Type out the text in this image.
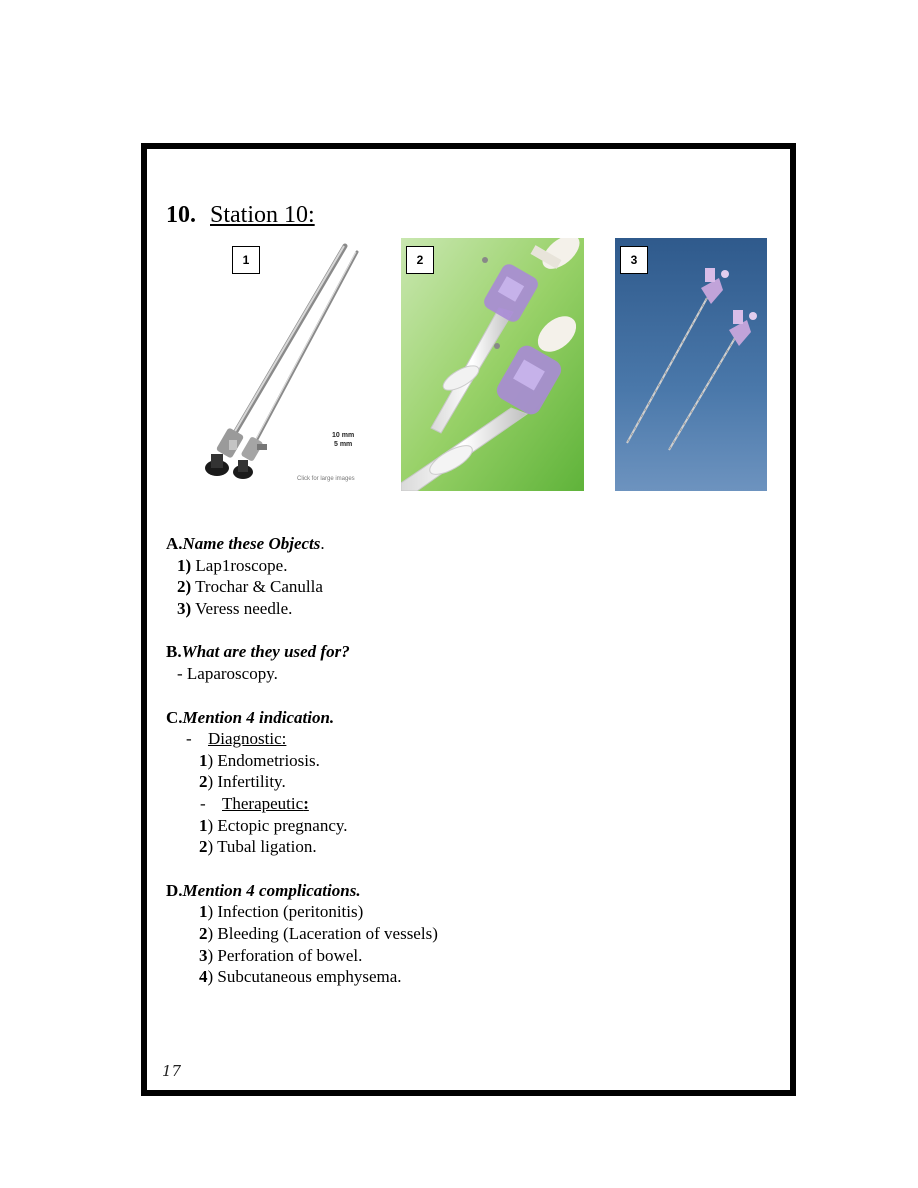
10. Station 10:
1
10 mm
5 mm
Click for large images
2	3
A.Name these Objects.
1) Lap1roscope.
2) Trochar & Canulla
3) Veress needle.
B.What are they used for?
- Laparoscopy.
C.Mention 4 indication.
- Diagnostic:
1) Endometriosis.
2) Infertility.
- Therapeutic:
1) Ectopic pregnancy.
2) Tubal ligation.
D.Mention 4 complications.
1) Infection (peritonitis)
2) Bleeding (Laceration of vessels)
3) Perforation of bowel.
4) Subcutaneous emphysema.
17
